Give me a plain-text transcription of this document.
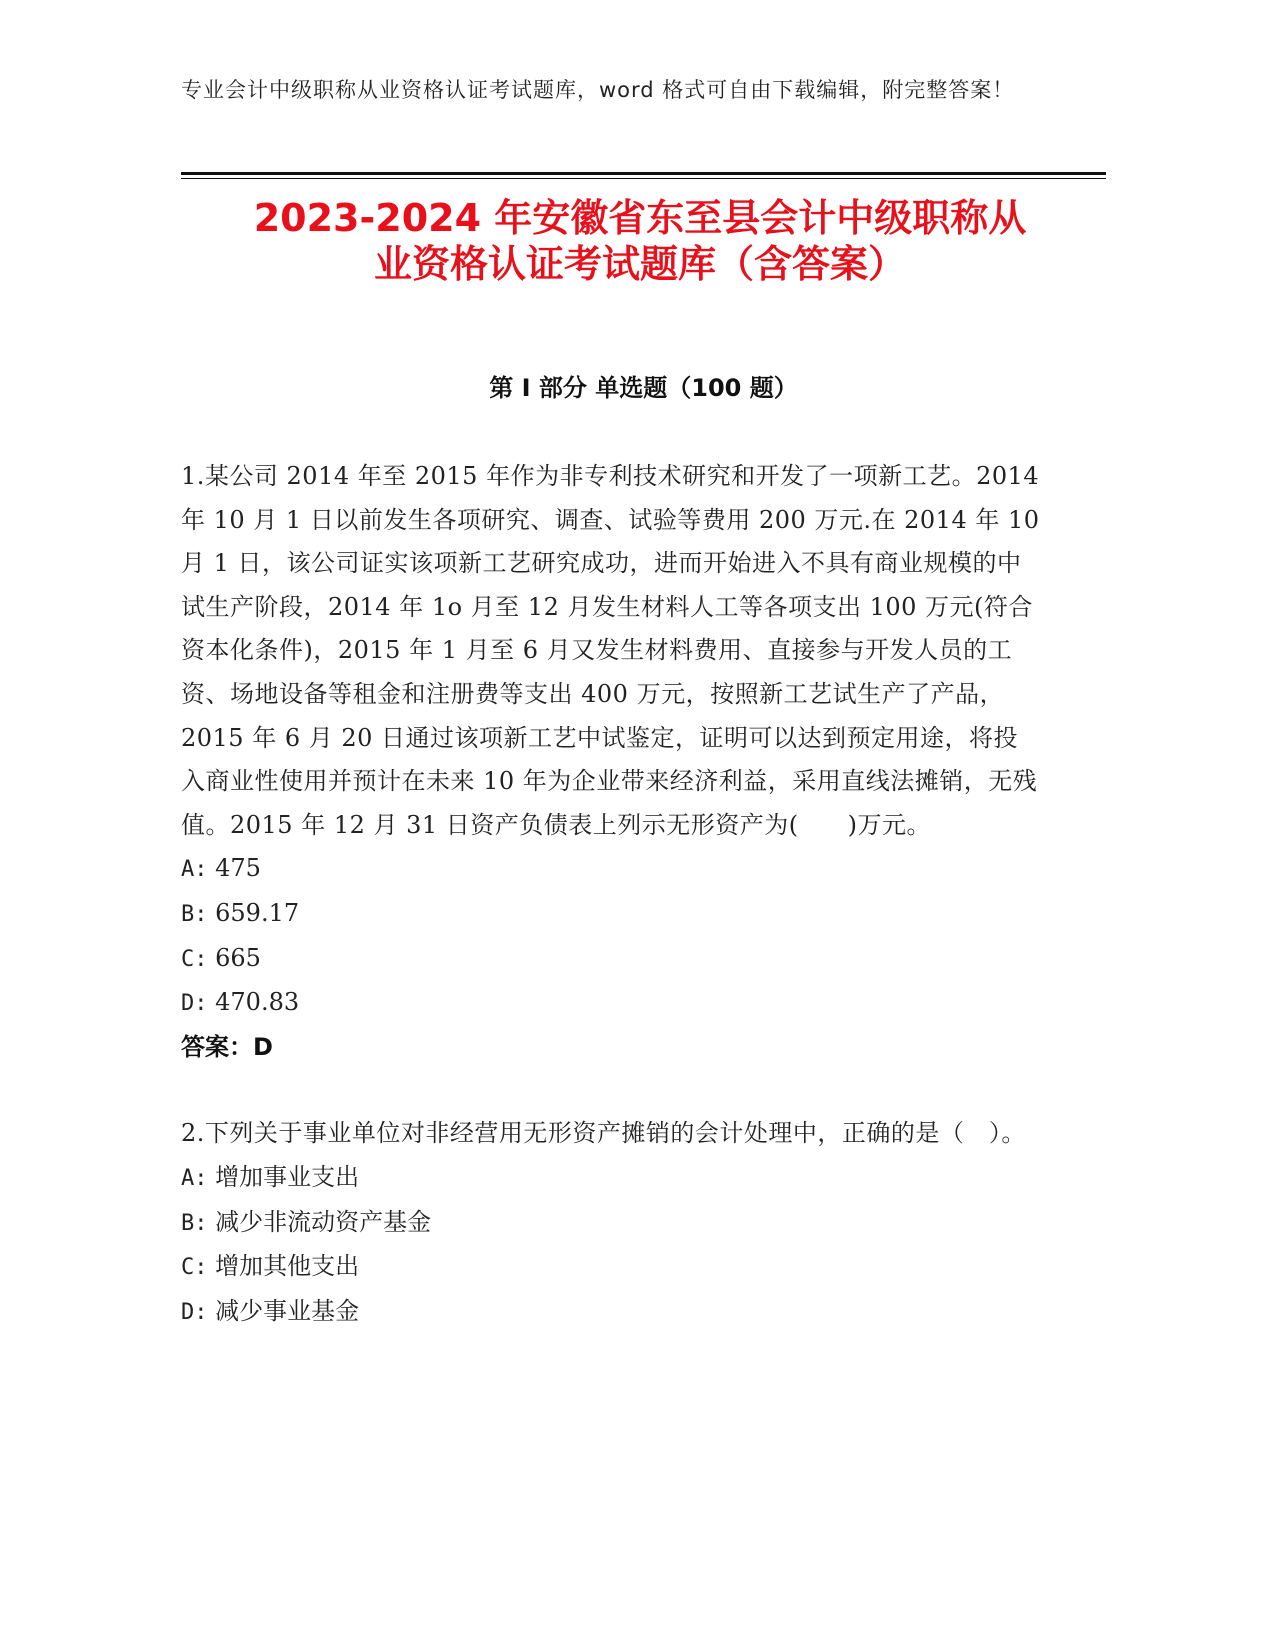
专业会计中级职称从业资格认证考试题库，word 格式可自由下载编辑，附完整答案！
2023-2024 年安徽省东至县会计中级职称从
业资格认证考试题库（含答案）
第 I 部分 单选题（100 题）

1.某公司 2014 年至 2015 年作为非专利技术研究和开发了一项新工艺。2014 年 10 月 1 日以前发生各项研究、调查、试验等费用 200 万元.在 2014 年 10 月 1 日，该公司证实该项新工艺研究成功，进而开始进入不具有商业规模的中试生产阶段，2014 年 1o 月至 12 月发生材料人工等各项支出 100 万元(符合资本化条件)，2015 年 1 月至 6 月又发生材料费用、直接参与开发人员的工资、场地设备等租金和注册费等支出 400 万元，按照新工艺试生产了产品，2015 年 6 月 20 日通过该项新工艺中试鉴定，证明可以达到预定用途，将投入商业性使用并预计在未来 10 年为企业带来经济利益，采用直线法摊销，无残值。2015 年 12 月 31 日资产负债表上列示无形资产为(　　)万元。

A: 475

B: 659.17

C: 665

D: 470.83

答案：D

2.下列关于事业单位对非经营用无形资产摊销的会计处理中，正确的是（　）。

A: 增加事业支出

B: 减少非流动资产基金

C: 增加其他支出

D: 减少事业基金
